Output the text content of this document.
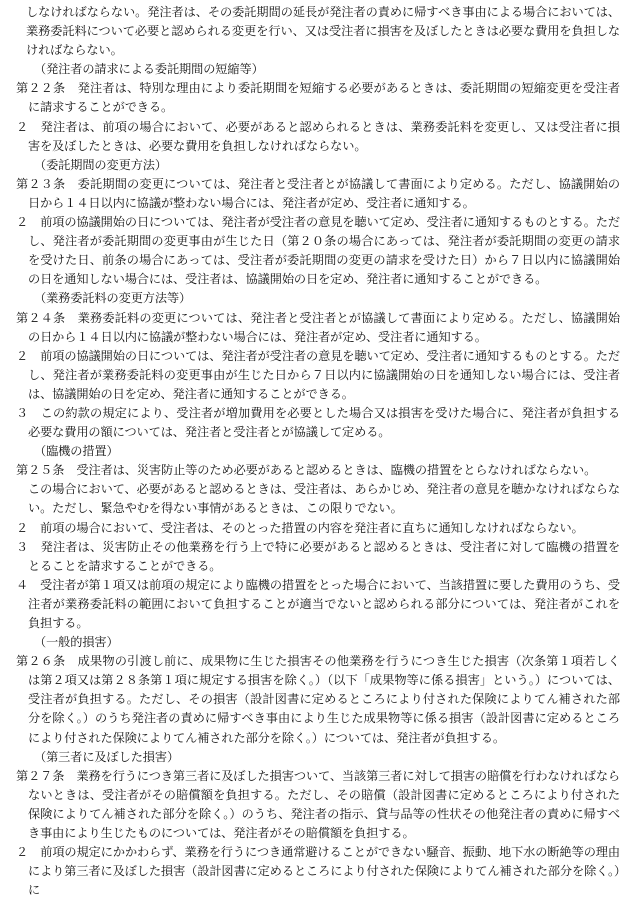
しなければならない。発注者は、その委託期間の延長が発注者の責めに帰すべき事由による場合においては、業務委託料について必要と認められる変更を行い、又は受注者に損害を及ぼしたときは必要な費用を負担しなければならない。

（発注者の請求による委託期間の短縮等）

第２２条　発注者は、特別な理由により委託期間を短縮する必要があるときは、委託期間の短縮変更を受注者に請求することができる。

２　発注者は、前項の場合において、必要があると認められるときは、業務委託料を変更し、又は受注者に損害を及ぼしたときは、必要な費用を負担しなければならない。

（委託期間の変更方法）

第２３条　委託期間の変更については、発注者と受注者とが協議して書面により定める。ただし、協議開始の日から１４日以内に協議が整わない場合には、発注者が定め、受注者に通知する。

２　前項の協議開始の日については、発注者が受注者の意見を聴いて定め、受注者に通知するものとする。ただし、発注者が委託期間の変更事由が生じた日（第２０条の場合にあっては、発注者が委託期間の変更の請求を受けた日、前条の場合にあっては、受注者が委託期間の変更の請求を受けた日）から７日以内に協議開始の日を通知しない場合には、受注者は、協議開始の日を定め、発注者に通知することができる。

（業務委託料の変更方法等）

第２４条　業務委託料の変更については、発注者と受注者とが協議して書面により定める。ただし、協議開始の日から１４日以内に協議が整わない場合には、発注者が定め、受注者に通知する。

２　前項の協議開始の日については、発注者が受注者の意見を聴いて定め、受注者に通知するものとする。ただし、発注者が業務委託料の変更事由が生じた日から７日以内に協議開始の日を通知しない場合には、受注者は、協議開始の日を定め、発注者に通知することができる。

３　この約款の規定により、受注者が増加費用を必要とした場合又は損害を受けた場合に、発注者が負担する必要な費用の額については、発注者と受注者とが協議して定める。

（臨機の措置）

第２５条　受注者は、災害防止等のため必要があると認めるときは、臨機の措置をとらなければならない。

この場合において、必要があると認めるときは、受注者は、あらかじめ、発注者の意見を聴かなければならない。ただし、緊急やむを得ない事情があるときは、この限りでない。

２　前項の場合において、受注者は、そのとった措置の内容を発注者に直ちに通知しなければならない。

３　発注者は、災害防止その他業務を行う上で特に必要があると認めるときは、受注者に対して臨機の措置をとることを請求することができる。

４　受注者が第１項又は前項の規定により臨機の措置をとった場合において、当該措置に要した費用のうち、受注者が業務委託料の範囲において負担することが適当でないと認められる部分については、発注者がこれを負担する。

（一般的損害）

第２６条　成果物の引渡し前に、成果物に生じた損害その他業務を行うにつき生じた損害（次条第１項若しくは第２項又は第２８条第１項に規定する損害を除く。）（以下「成果物等に係る損害」という。）については、受注者が負担する。ただし、その損害（設計図書に定めるところにより付された保険によりてん補された部分を除く。）のうち発注者の責めに帰すべき事由により生じた成果物等に係る損害（設計図書に定めるところにより付された保険によりてん補された部分を除く。）については、発注者が負担する。

（第三者に及ぼした損害）

第２７条　業務を行うにつき第三者に及ぼした損害ついて、当該第三者に対して損害の賠償を行わなければならないときは、受注者がその賠償額を負担する。ただし、その賠償（設計図書に定めるところにより付された保険によりてん補された部分を除く。）のうち、発注者の指示、貸与品等の性状その他発注者の責めに帰すべき事由により生じたものについては、発注者がその賠償額を負担する。

２　前項の規定にかかわらず、業務を行うにつき通常避けることができない騒音、振動、地下水の断絶等の理由により第三者に及ぼした損害（設計図書に定めるところにより付された保険によりてん補された部分を除く。）に
